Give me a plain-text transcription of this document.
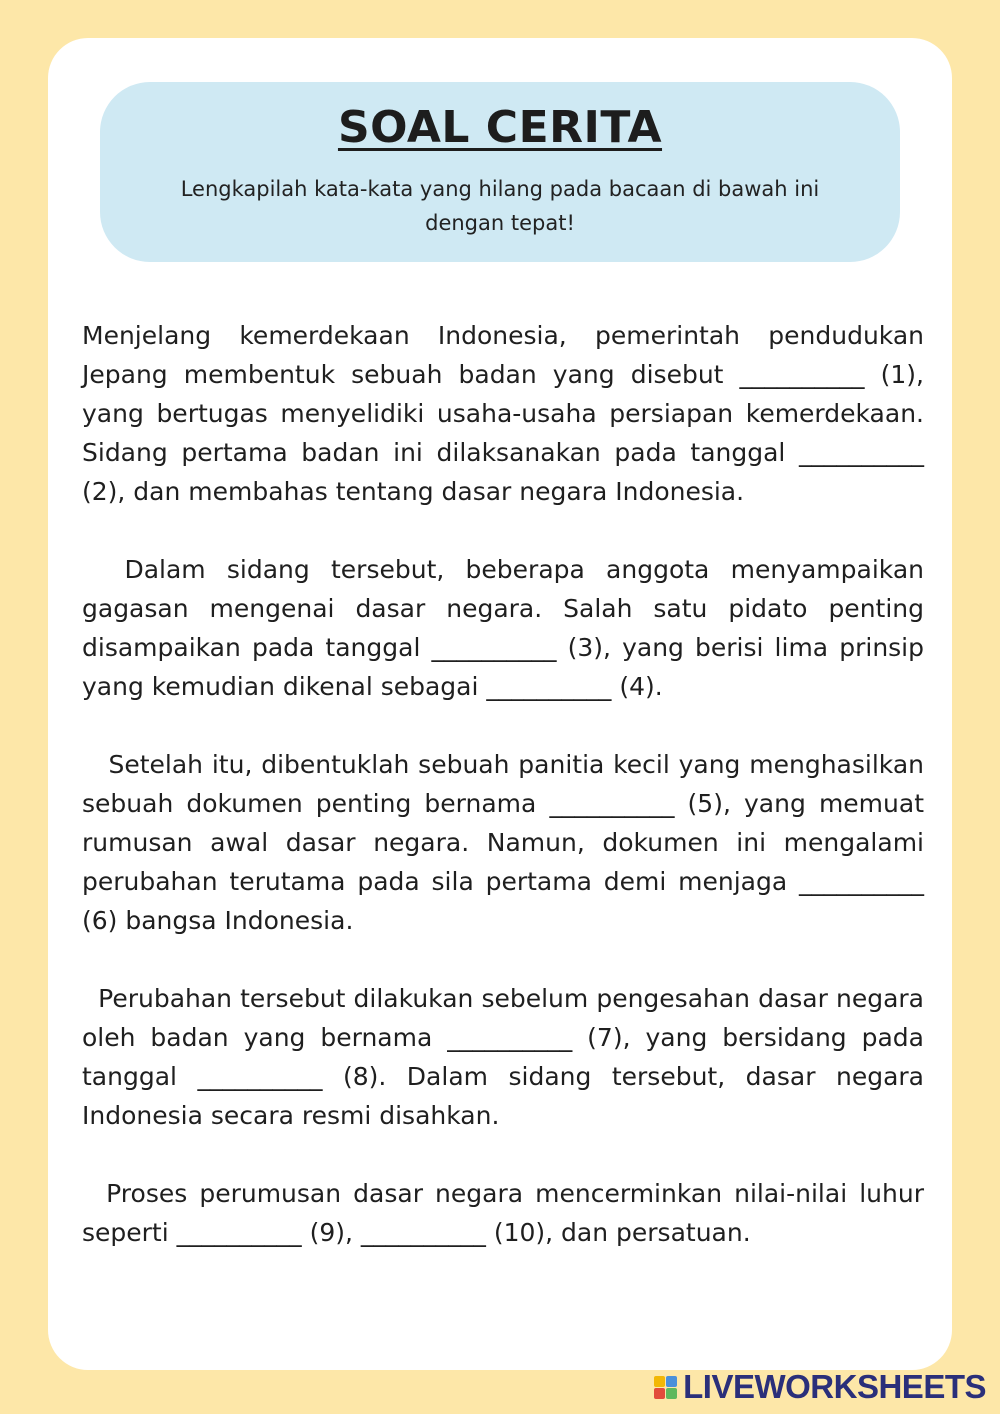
SOAL CERITA
Lengkapilah kata-kata yang hilang pada bacaan di bawah ini dengan tepat!

Menjelang kemerdekaan Indonesia, pemerintah pendudukan Jepang membentuk sebuah badan yang disebut __________ (1), yang bertugas menyelidiki usaha-usaha persiapan kemerdekaan. Sidang pertama badan ini dilaksanakan pada tanggal __________ (2), dan membahas tentang dasar negara Indonesia.

Dalam sidang tersebut, beberapa anggota menyampaikan gagasan mengenai dasar negara. Salah satu pidato penting disampaikan pada tanggal __________ (3), yang berisi lima prinsip yang kemudian dikenal sebagai __________ (4).

Setelah itu, dibentuklah sebuah panitia kecil yang menghasilkan sebuah dokumen penting bernama __________ (5), yang memuat rumusan awal dasar negara. Namun, dokumen ini mengalami perubahan terutama pada sila pertama demi menjaga __________ (6) bangsa Indonesia.

Perubahan tersebut dilakukan sebelum pengesahan dasar negara oleh badan yang bernama __________ (7), yang bersidang pada tanggal __________ (8). Dalam sidang tersebut, dasar negara Indonesia secara resmi disahkan.

Proses perumusan dasar negara mencerminkan nilai-nilai luhur seperti __________ (9), __________ (10), dan persatuan.

LIVEWORKSHEETS
